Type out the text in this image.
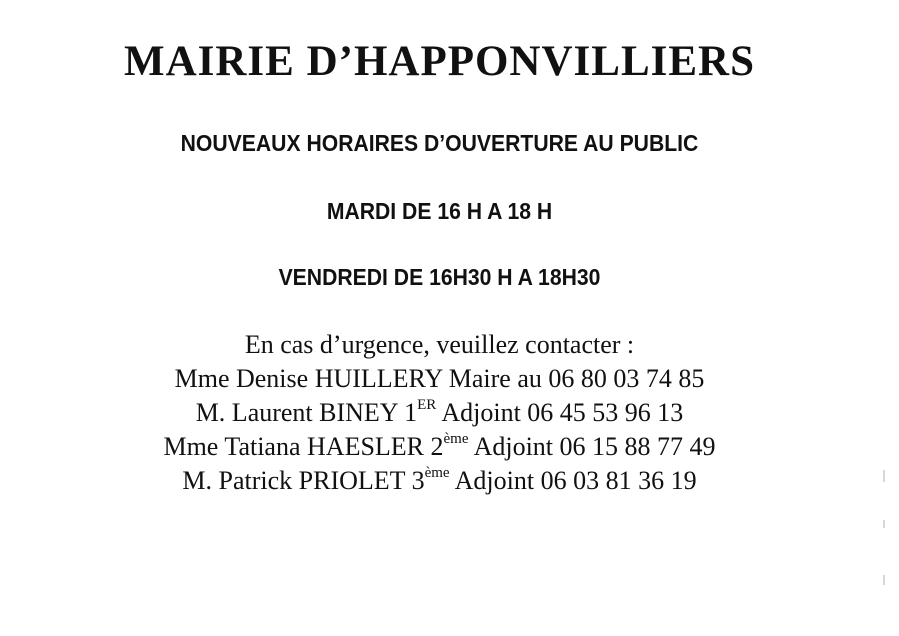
MAIRIE D’HAPPONVILLIERS
NOUVEAUX HORAIRES D’OUVERTURE AU PUBLIC
MARDI DE 16 H A 18 H
VENDREDI DE 16H30 H A 18H30
En cas d’urgence, veuillez contacter :
Mme Denise HUILLERY Maire au 06 80 03 74 85
M. Laurent BINEY 1ER Adjoint 06 45 53 96 13
Mme Tatiana HAESLER 2ème Adjoint 06 15 88 77 49
M. Patrick PRIOLET 3ème Adjoint 06 03 81 36 19
